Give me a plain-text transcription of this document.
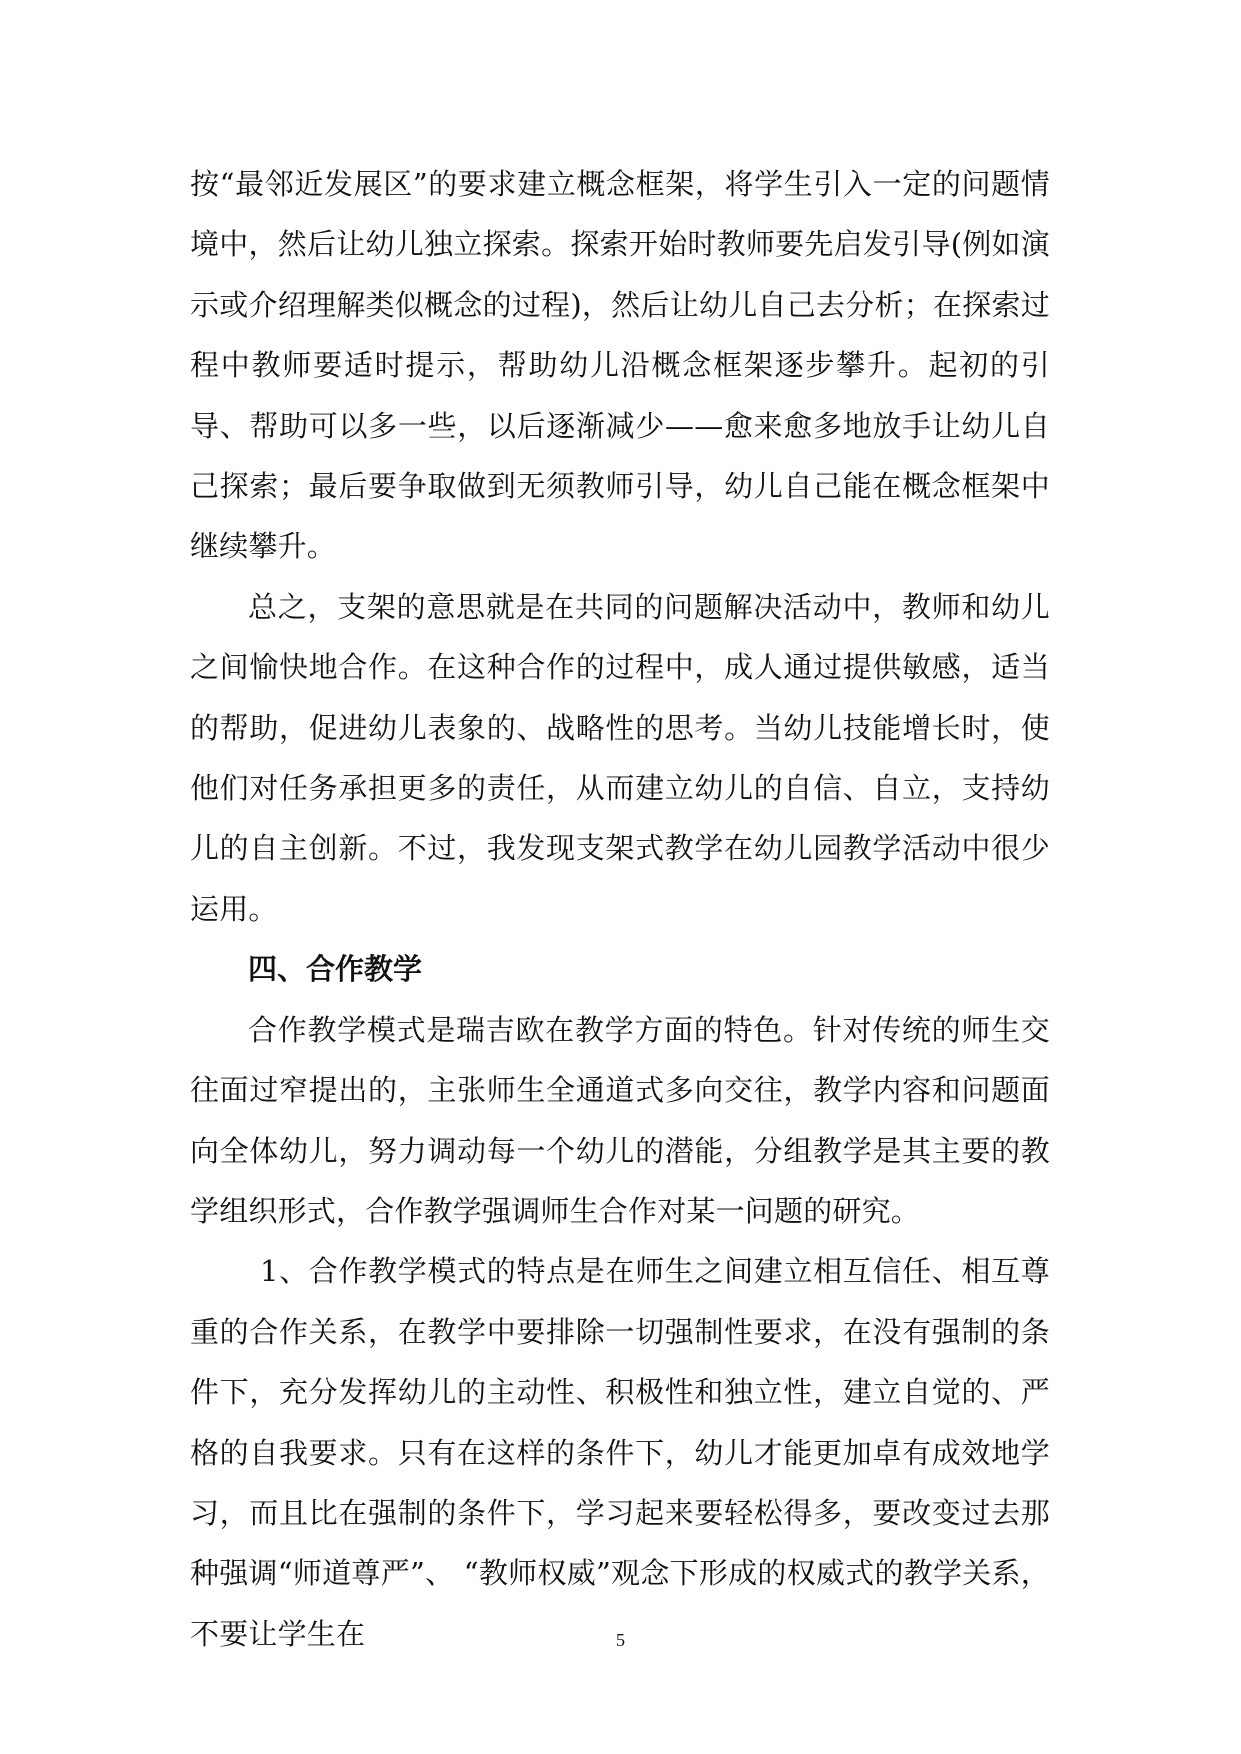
按“最邻近发展区”的要求建立概念框架，将学生引入一定的问题情境中，然后让幼儿独立探索。探索开始时教师要先启发引导(例如演示或介绍理解类似概念的过程)，然后让幼儿自己去分析；在探索过程中教师要适时提示，帮助幼儿沿概念框架逐步攀升。起初的引导、帮助可以多一些，以后逐渐减少——愈来愈多地放手让幼儿自己探索；最后要争取做到无须教师引导，幼儿自己能在概念框架中继续攀升。

总之，支架的意思就是在共同的问题解决活动中，教师和幼儿之间愉快地合作。在这种合作的过程中，成人通过提供敏感，适当的帮助，促进幼儿表象的、战略性的思考。当幼儿技能增长时，使他们对任务承担更多的责任，从而建立幼儿的自信、自立，支持幼儿的自主创新。不过，我发现支架式教学在幼儿园教学活动中很少运用。

四、合作教学

合作教学模式是瑞吉欧在教学方面的特色。针对传统的师生交往面过窄提出的，主张师生全通道式多向交往，教学内容和问题面向全体幼儿，努力调动每一个幼儿的潜能，分组教学是其主要的教学组织形式，合作教学强调师生合作对某一问题的研究。

1、合作教学模式的特点是在师生之间建立相互信任、相互尊重的合作关系，在教学中要排除一切强制性要求，在没有强制的条件下，充分发挥幼儿的主动性、积极性和独立性，建立自觉的、严格的自我要求。只有在这样的条件下，幼儿才能更加卓有成效地学习，而且比在强制的条件下，学习起来要轻松得多，要改变过去那种强调“师道尊严”、 “教师权威”观念下形成的权威式的教学关系，不要让学生在	5
